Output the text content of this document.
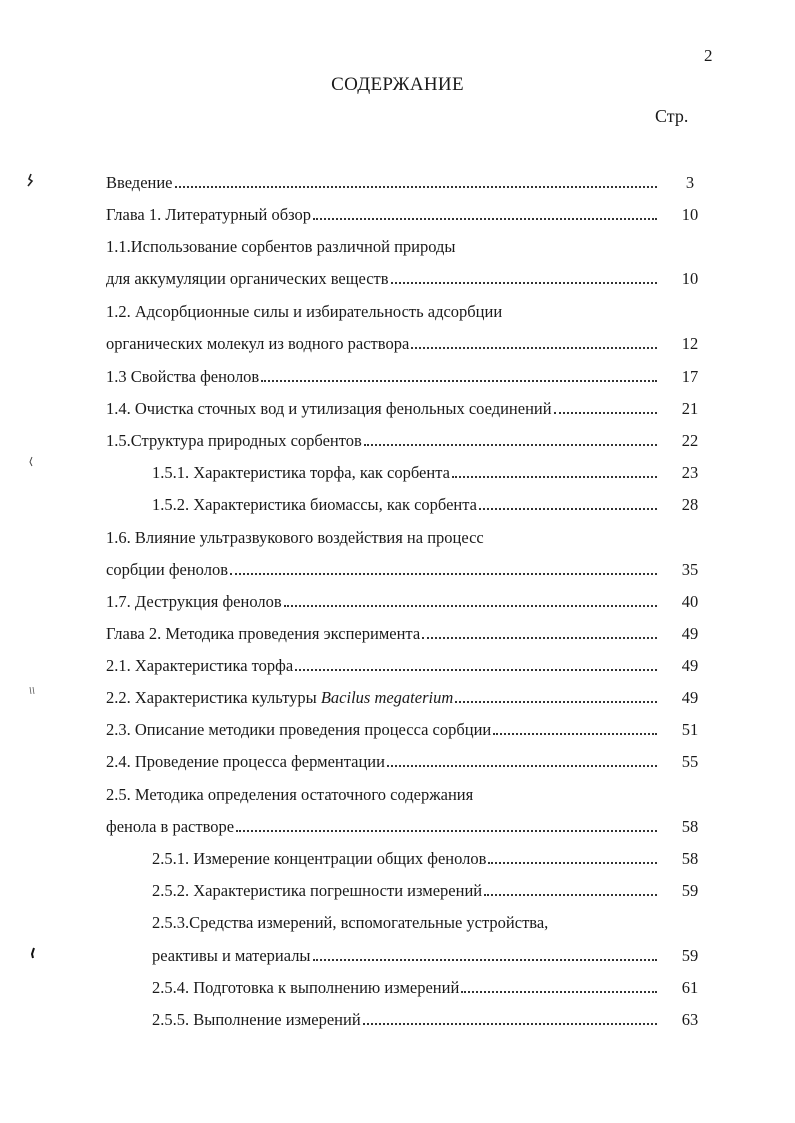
2
СОДЕРЖАНИЕ
Стр.
3
Введение
10
Глава 1. Литературный обзор
1.1.Использование сорбентов различной природы
10
для аккумуляции органических веществ
1.2. Адсорбционные силы и избирательность адсорбции
12
органических молекул из водного раствора
17
1.3 Свойства фенолов
21
1.4. Очистка сточных вод и утилизация фенольных соединений
22
1.5.Структура природных сорбентов
23
1.5.1. Характеристика торфа, как сорбента
28
1.5.2. Характеристика биомассы, как сорбента
1.6. Влияние ультразвукового воздействия на процесс
35
сорбции фенолов
40
1.7. Деструкция фенолов
49
Глава 2. Методика проведения эксперимента
49
2.1. Характеристика торфа
49
2.2. Характеристика культуры Bacilus megaterium
51
2.3. Описание методики проведения процесса сорбции
55
2.4. Проведение процесса ферментации
2.5. Методика определения остаточного содержания
58
фенола в растворе
58
2.5.1. Измерение концентрации общих фенолов
59
2.5.2. Характеристика погрешности измерений
2.5.3.Средства измерений, вспомогательные устройства,
59
реактивы и материалы
61
2.5.4. Подготовка к выполнению измерений
63
2.5.5. Выполнение измерений
